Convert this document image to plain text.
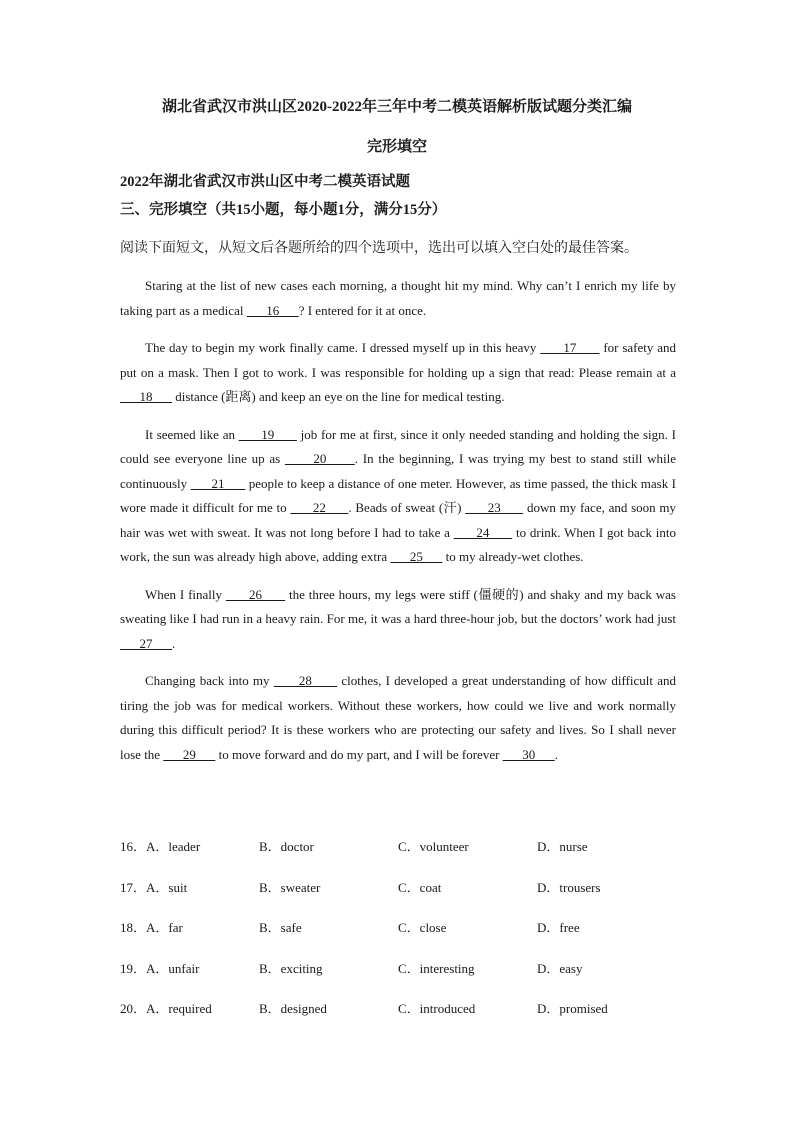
湖北省武汉市洪山区2020-2022年三年中考二模英语解析版试题分类汇编
完形填空
2022年湖北省武汉市洪山区中考二模英语试题
三、完形填空（共15小题，每小题1分，满分15分）
阅读下面短文，从短文后各题所给的四个选项中，选出可以填入空白处的最佳答案。

Staring at the list of new cases each morning, a thought hit my mind. Why can’t I enrich my life by taking part as a medical       16      ? I entered for it at once.

The day to begin my work finally came. I dressed myself up in this heavy       17       for safety and put on a mask. Then I got to work. I was responsible for holding up a sign that read: Please remain at a       18       distance (距离) and keep an eye on the line for medical testing.

It seemed like an       19       job for me at first, since it only needed standing and holding the sign. I could see everyone line up as       20      . In the beginning, I was trying my best to stand still while continuously       21       people to keep a distance of one meter. However, as time passed, the thick mask I wore made it difficult for me to       22      . Beads of sweat (汗)       23       down my face, and soon my hair was wet with sweat. It was not long before I had to take a       24       to drink. When I got back into work, the sun was already high above, adding extra       25       to my already-wet clothes.

When I finally       26       the three hours, my legs were stiff (僵硬的) and shaky and my back was sweating like I had run in a heavy rain. For me, it was a hard three-hour job, but the doctors’ work had just       27      .

Changing back into my       28       clothes, I developed a great understanding of how difficult and tiring the job was for medical workers. Without these workers, how could we live and work normally during this difficult period? It is these workers who are protecting our safety and lives. So I shall never lose the       29       to move forward and do my part, and I will be forever       30      .

16．A．leader	B．doctor	C．volunteer	D．nurse
17．A．suit	B．sweater	C．coat	D．trousers
18．A．far	B．safe	C．close	D．free
19．A．unfair	B．exciting	C．interesting	D．easy
20．A．required	B．designed	C．introduced	D．promised
